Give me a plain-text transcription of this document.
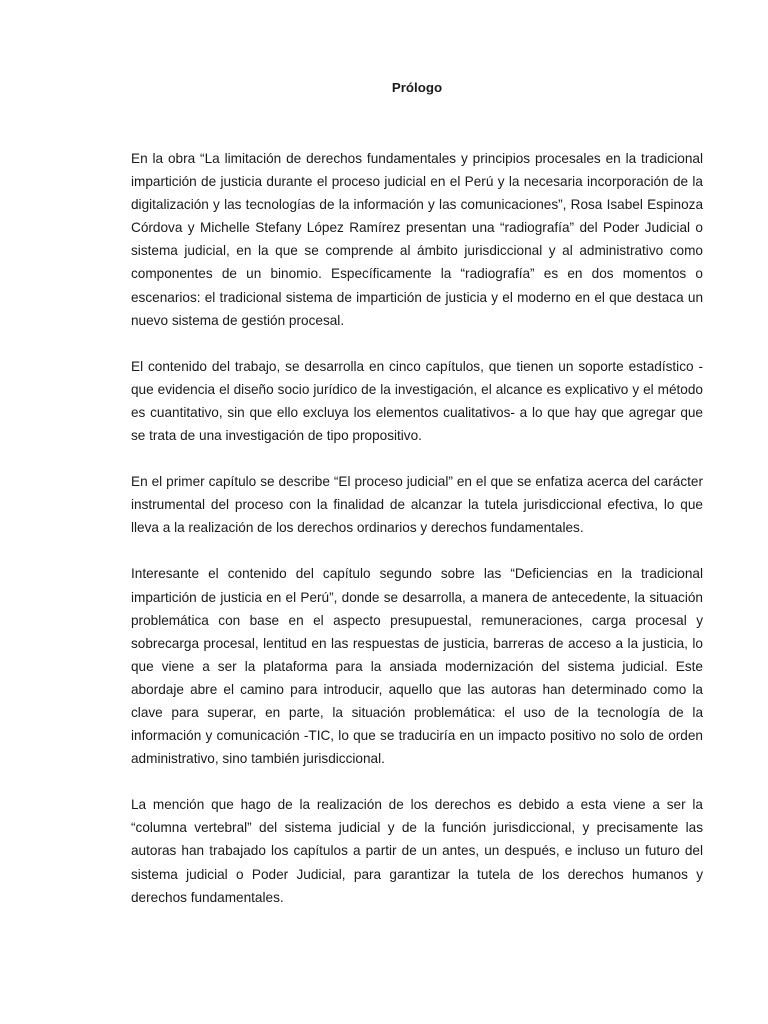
Prólogo

En la obra “La limitación de derechos fundamentales y principios procesales en la tradicional impartición de justicia durante el proceso judicial en el Perú y la necesaria incorporación de la digitalización y las tecnologías de la información y las comunicaciones”, Rosa Isabel Espinoza Córdova y Michelle Stefany López Ramírez presentan una “radiografía” del Poder Judicial o sistema judicial, en la que se comprende al ámbito jurisdiccional y al administrativo como componentes de un binomio. Específicamente la “radiografía” es en dos momentos o escenarios: el tradicional sistema de impartición de justicia y el moderno en el que destaca un nuevo sistema de gestión procesal.

El contenido del trabajo, se desarrolla en cinco capítulos, que tienen un soporte estadístico -que evidencia el diseño socio jurídico de la investigación, el alcance es explicativo y el método es cuantitativo, sin que ello excluya los elementos cualitativos- a lo que hay que agregar que se trata de una investigación de tipo propositivo.

En el primer capítulo se describe “El proceso judicial” en el que se enfatiza acerca del carácter instrumental del proceso con la finalidad de alcanzar la tutela jurisdiccional efectiva, lo que lleva a la realización de los derechos ordinarios y derechos fundamentales.

Interesante el contenido del capítulo segundo sobre las “Deficiencias en la tradicional impartición de justicia en el Perú”, donde se desarrolla, a manera de antecedente, la situación problemática con base en el aspecto presupuestal, remuneraciones, carga procesal y sobrecarga procesal, lentitud en las respuestas de justicia, barreras de acceso a la justicia, lo que viene a ser la plataforma para la ansiada modernización del sistema judicial. Este abordaje abre el camino para introducir, aquello que las autoras han determinado como la clave para superar, en parte, la situación problemática: el uso de la tecnología de la información y comunicación -TIC, lo que se traduciría en un impacto positivo no solo de orden administrativo, sino también jurisdiccional.

La mención que hago de la realización de los derechos es debido a esta viene a ser la “columna vertebral” del sistema judicial y de la función jurisdiccional, y precisamente las autoras han trabajado los capítulos a partir de un antes, un después, e incluso un futuro del sistema judicial o Poder Judicial, para garantizar la tutela de los derechos humanos y derechos fundamentales.
